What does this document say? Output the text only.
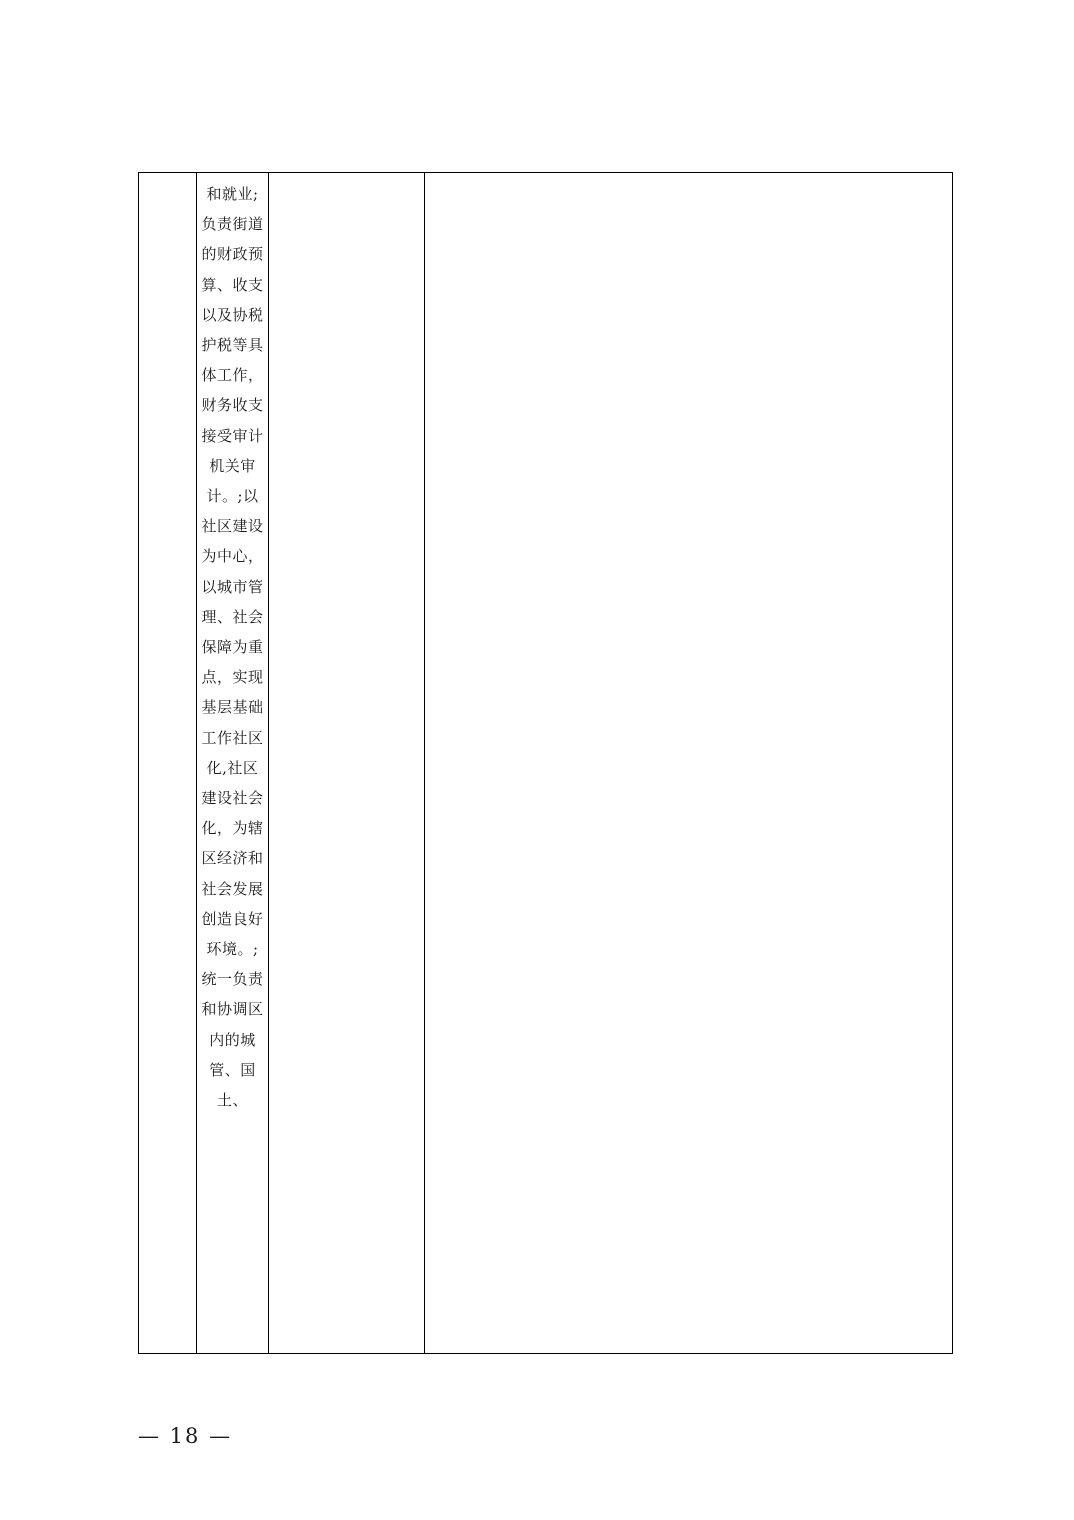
和就业;负责街道的财政预算、收支以及协税护税等具体工作，财务收支接受审计机关审计。;以社区建设为中心，以城市管理、社会保障为重点，实现基层基础工作社区化,社区建设社会化，为辖区经济和社会发展创造良好环境。;统一负责和协调区内的城管、国土、

— 18 —
